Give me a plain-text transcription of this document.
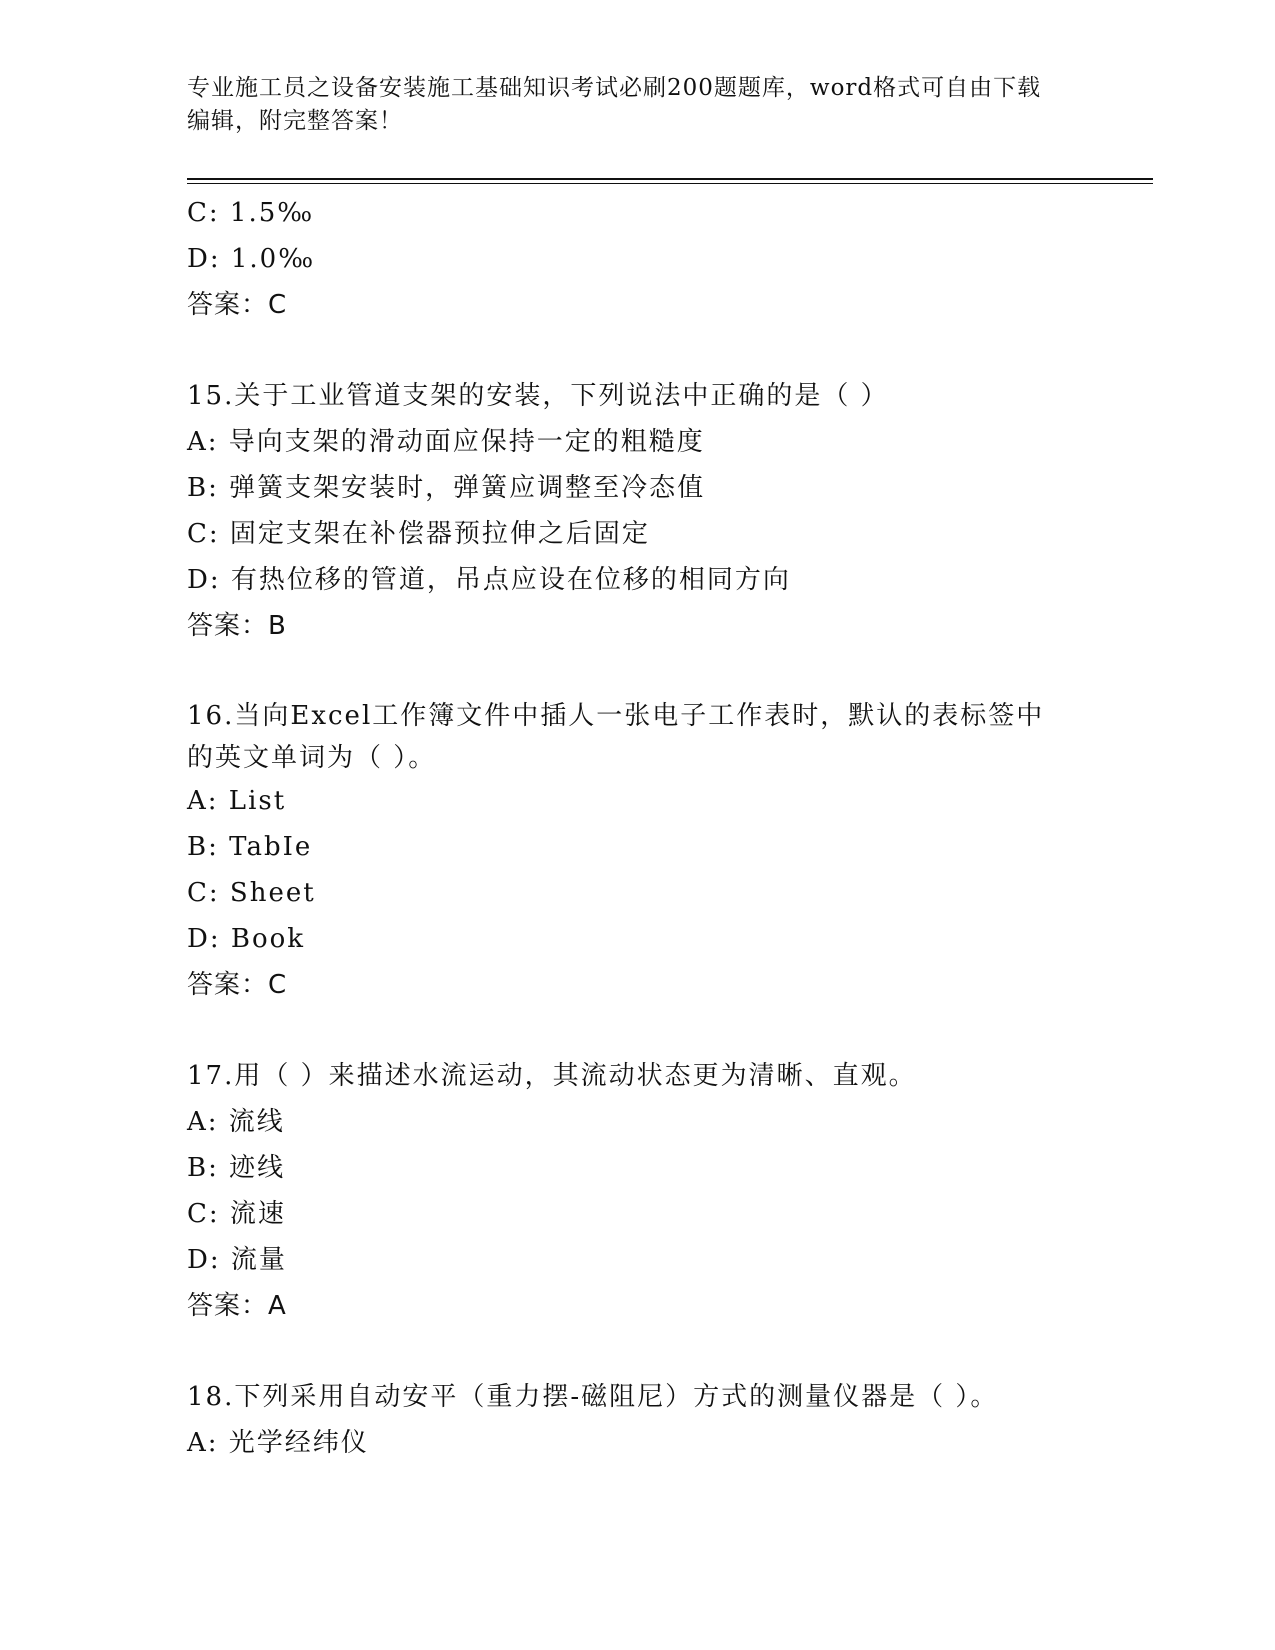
专业施工员之设备安装施工基础知识考试必刷200题题库，word格式可自由下载
编辑，附完整答案！
C: 1.5‰
D: 1.0‰
答案：C
15.关于工业管道支架的安装，下列说法中正确的是（ ）
A: 导向支架的滑动面应保持一定的粗糙度
B: 弹簧支架安装时，弹簧应调整至冷态值
C: 固定支架在补偿器预拉伸之后固定
D: 有热位移的管道，吊点应设在位移的相同方向
答案：B
16.当向Excel工作簿文件中插人一张电子工作表时，默认的表标签中
的英文单词为（ ）。
A: List
B: TabIe
C: Sheet
D: Book
答案：C
17.用（ ）来描述水流运动，其流动状态更为清晰、直观。
A: 流线
B: 迹线
C: 流速
D: 流量
答案：A
18.下列采用自动安平（重力摆-磁阻尼）方式的测量仪器是（ ）。
A: 光学经纬仪
